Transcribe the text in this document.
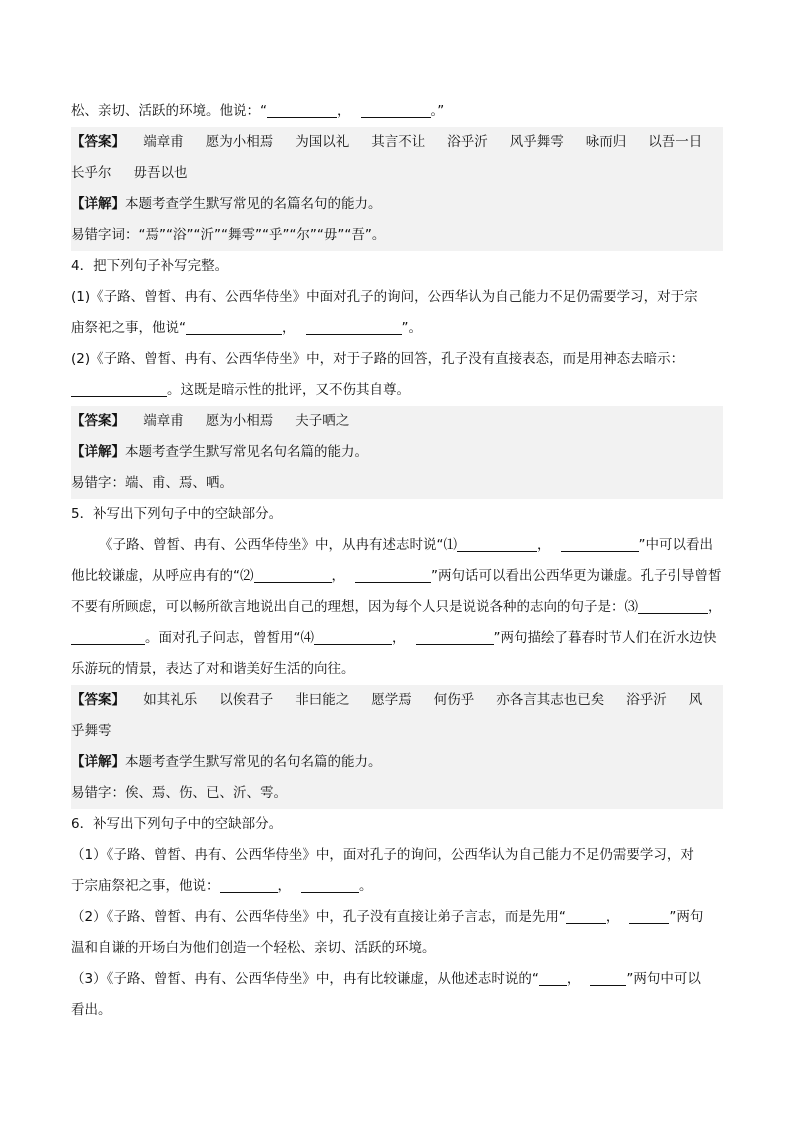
松、亲切、活跃的环境。他说：“	，	。”
【答案】 端章甫 愿为小相焉 为国以礼 其言不让 浴乎沂 风乎舞雩 咏而归 以吾一日
长乎尔 毋吾以也
【详解】本题考查学生默写常见的名篇名句的能力。
易错字词：“焉”“浴”“沂”“舞雩”“乎”“尔”“毋”“吾”。
4．把下列句子补写完整。
(1)《子路、曾皙、冉有、公西华侍坐》中面对孔子的询问，公西华认为自己能力不足仍需要学习，对于宗
庙祭祀之事，他说“	，	”。
(2)《子路、曾皙、冉有、公西华侍坐》中，对于子路的回答，孔子没有直接表态，而是用神态去暗示：
。这既是暗示性的批评，又不伤其自尊。
【答案】 端章甫 愿为小相焉 夫子哂之
【详解】本题考查学生默写常见名句名篇的能力。
易错字：端、甫、焉、哂。
5．补写出下列句子中的空缺部分。
《子路、曾皙、冉有、公西华侍坐》中，从冉有述志时说“⑴	，	”中可以看出
他比较谦虚，从呼应冉有的“⑵	，	”两句话可以看出公西华更为谦虚。孔子引导曾皙
不要有所顾虑，可以畅所欲言地说出自己的理想，因为每个人只是说说各种的志向的句子是：⑶	，
。面对孔子问志，曾皙用“⑷	，	”两句描绘了暮春时节人们在沂水边快
乐游玩的情景，表达了对和谐美好生活的向往。
【答案】 如其礼乐 以俟君子 非曰能之 愿学焉 何伤乎 亦各言其志也已矣 浴乎沂 风
乎舞雩
【详解】本题考查学生默写常见的名句名篇的能力。
易错字：俟、焉、伤、已、沂、雩。
6．补写出下列句子中的空缺部分。
（1）《子路、曾皙、冉有、公西华侍坐》中，面对孔子的询问，公西华认为自己能力不足仍需要学习，对
于宗庙祭祀之事，他说：	，	。
（2）《子路、曾皙、冉有、公西华侍坐》中，孔子没有直接让弟子言志，而是先用“	，	”两句
温和自谦的开场白为他们创造一个轻松、亲切、活跃的环境。
（3）《子路、曾皙、冉有、公西华侍坐》中，冉有比较谦虚，从他述志时说的“ ，	”两句中可以
看出。
